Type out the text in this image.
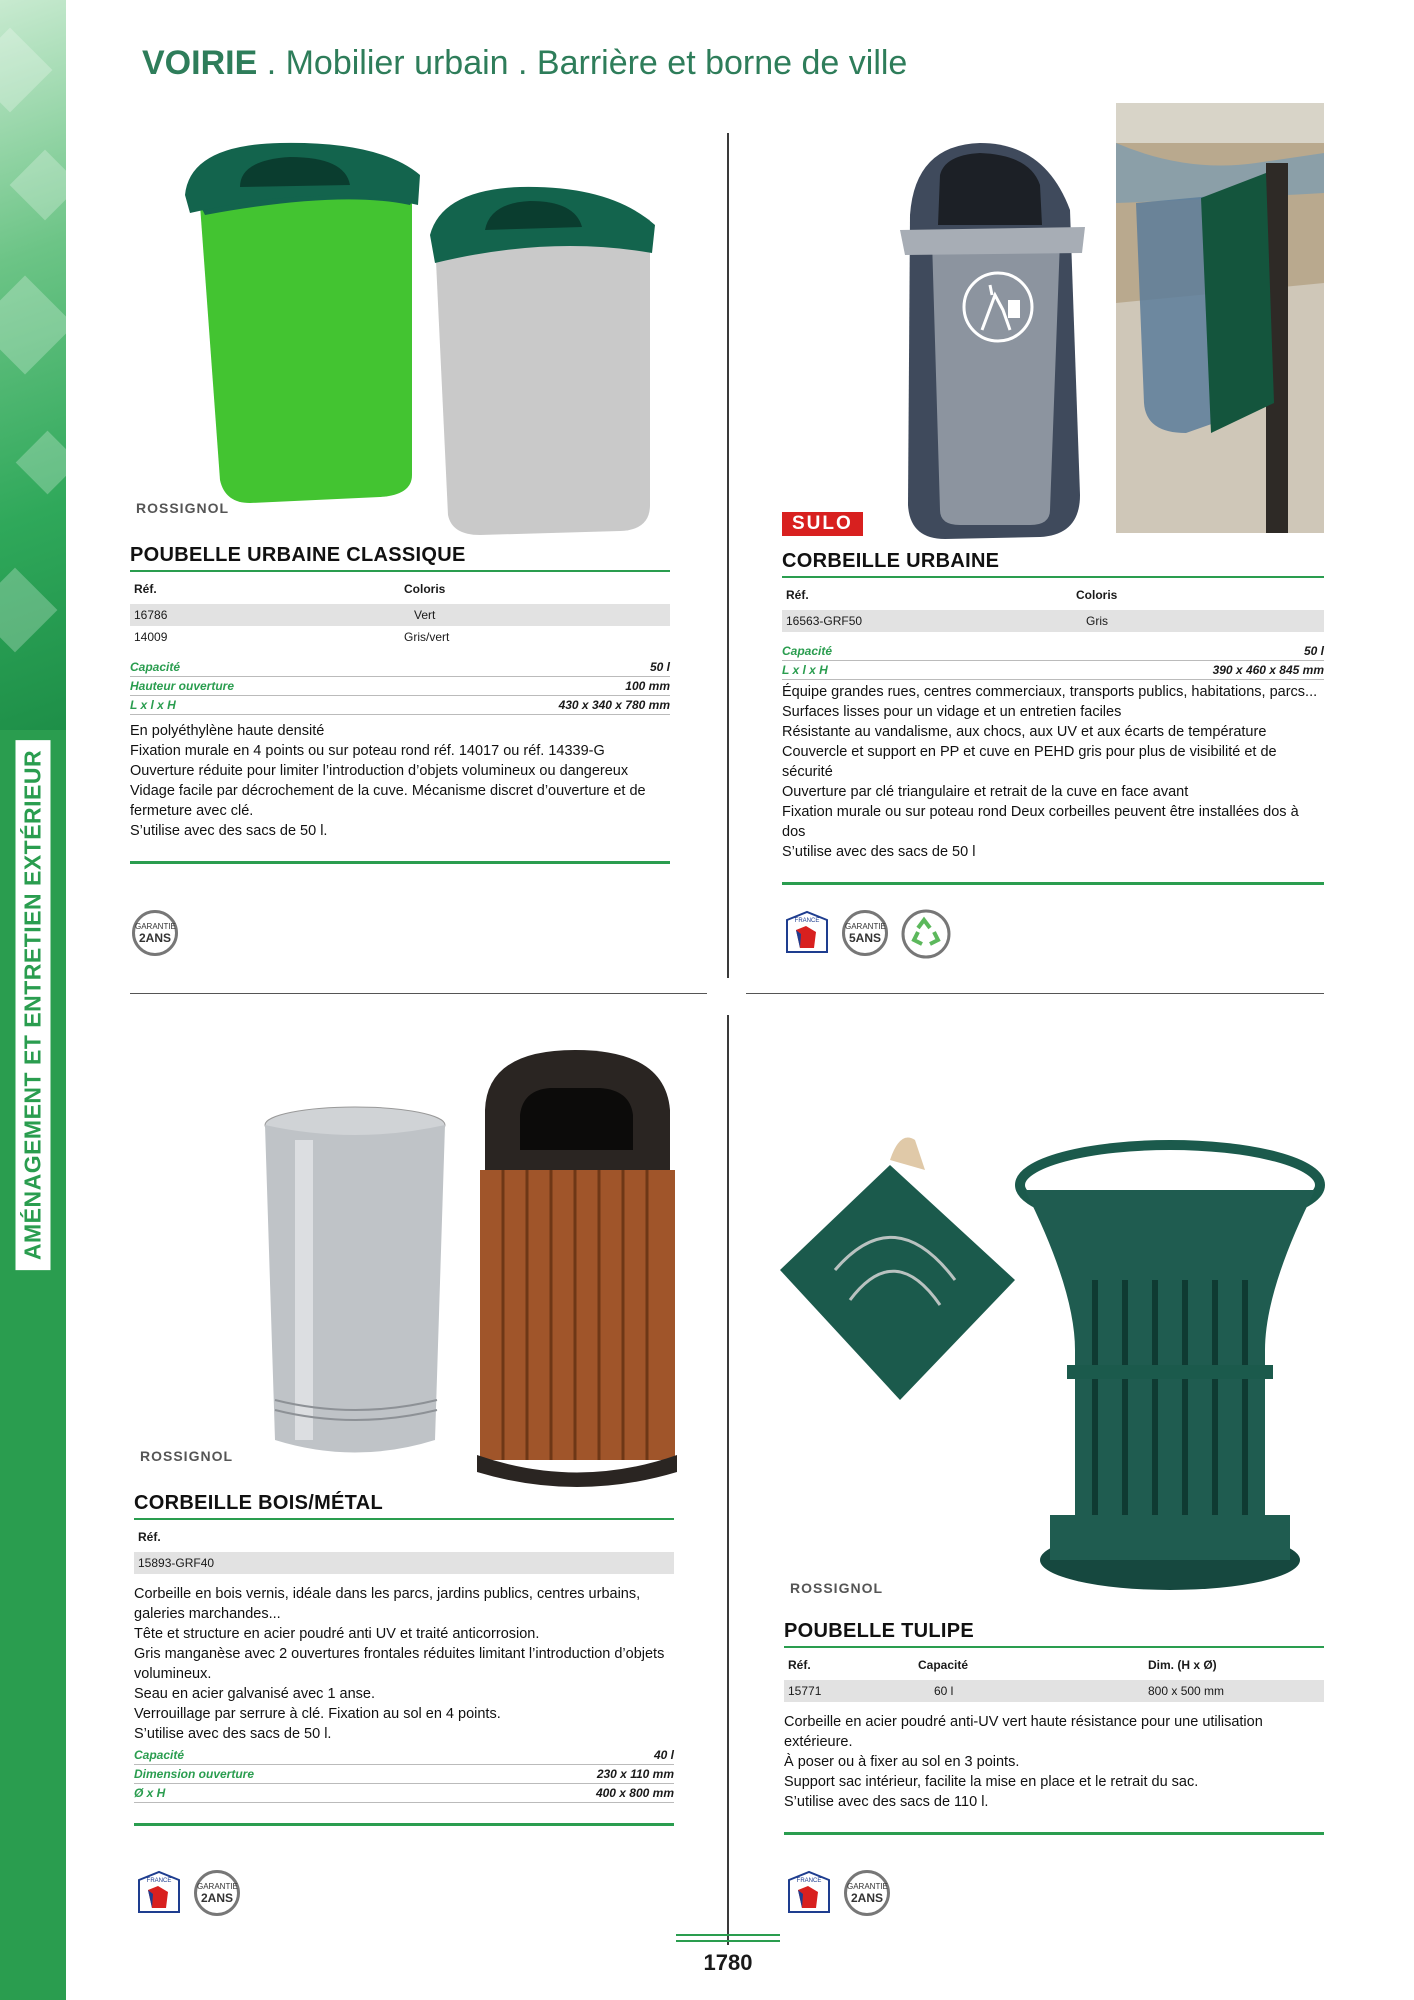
AMÉNAGEMENT ET ENTRETIEN EXTÉRIEUR
VOIRIE . Mobilier urbain . Barrière et borne de ville
ROSSIGNOL
POUBELLE URBAINE CLASSIQUE
Réf.	Coloris
16786	Vert
14009	Gris/vert
Capacité	50 l
Hauteur ouverture	100 mm
L x l x H	430 x 340 x 780 mm
En polyéthylène haute densité
Fixation murale en 4 points ou sur poteau rond réf. 14017 ou réf. 14339-G
Ouverture réduite pour limiter l’introduction d’objets volumineux ou dangereux
Vidage facile par décrochement de la cuve. Mécanisme discret d’ouverture et de fermeture avec clé.
S’utilise avec des sacs de 50 l.
GARANTIE
2ANS
SULO
CORBEILLE URBAINE
Réf.	Coloris
16563-GRF50	Gris
Capacité	50 l
L x l x H	390 x 460 x 845 mm
Équipe grandes rues, centres commerciaux, transports publics, habitations, parcs...
Surfaces lisses pour un vidage et un entretien faciles
Résistante au vandalisme, aux chocs, aux UV et aux écarts de température
Couvercle et support en PP et cuve en PEHD gris pour plus de visibilité et de sécurité
Ouverture par clé triangulaire et retrait de la cuve en face avant
Fixation murale ou sur poteau rond Deux corbeilles peuvent être installées dos à dos
S’utilise avec des sacs de 50 l
FRANCE
GARANTIE
5ANS
ROSSIGNOL
CORBEILLE BOIS/MÉTAL
Réf.
15893-GRF40
Corbeille en bois vernis, idéale dans les parcs, jardins publics, centres urbains, galeries marchandes...
Tête et structure en acier poudré anti UV et traité anticorrosion.
Gris manganèse avec 2 ouvertures frontales réduites limitant l’introduction d’objets volumineux.
Seau en acier galvanisé avec 1 anse.
Verrouillage par serrure à clé. Fixation au sol en 4 points.
S’utilise avec des sacs de 50 l.
Capacité	40 l
Dimension ouverture	230 x 110 mm
Ø x H	400 x 800 mm
FRANCE
GARANTIE
2ANS
ROSSIGNOL
POUBELLE TULIPE
Réf.	Capacité	Dim. (H x Ø)
15771	60 l	800 x 500 mm
Corbeille en acier poudré anti-UV vert haute résistance pour une utilisation extérieure.
À poser ou à fixer au sol en 3 points.
Support sac intérieur, facilite la mise en place et le retrait du sac.
S’utilise avec des sacs de 110 l.
FRANCE
GARANTIE
2ANS
1780
